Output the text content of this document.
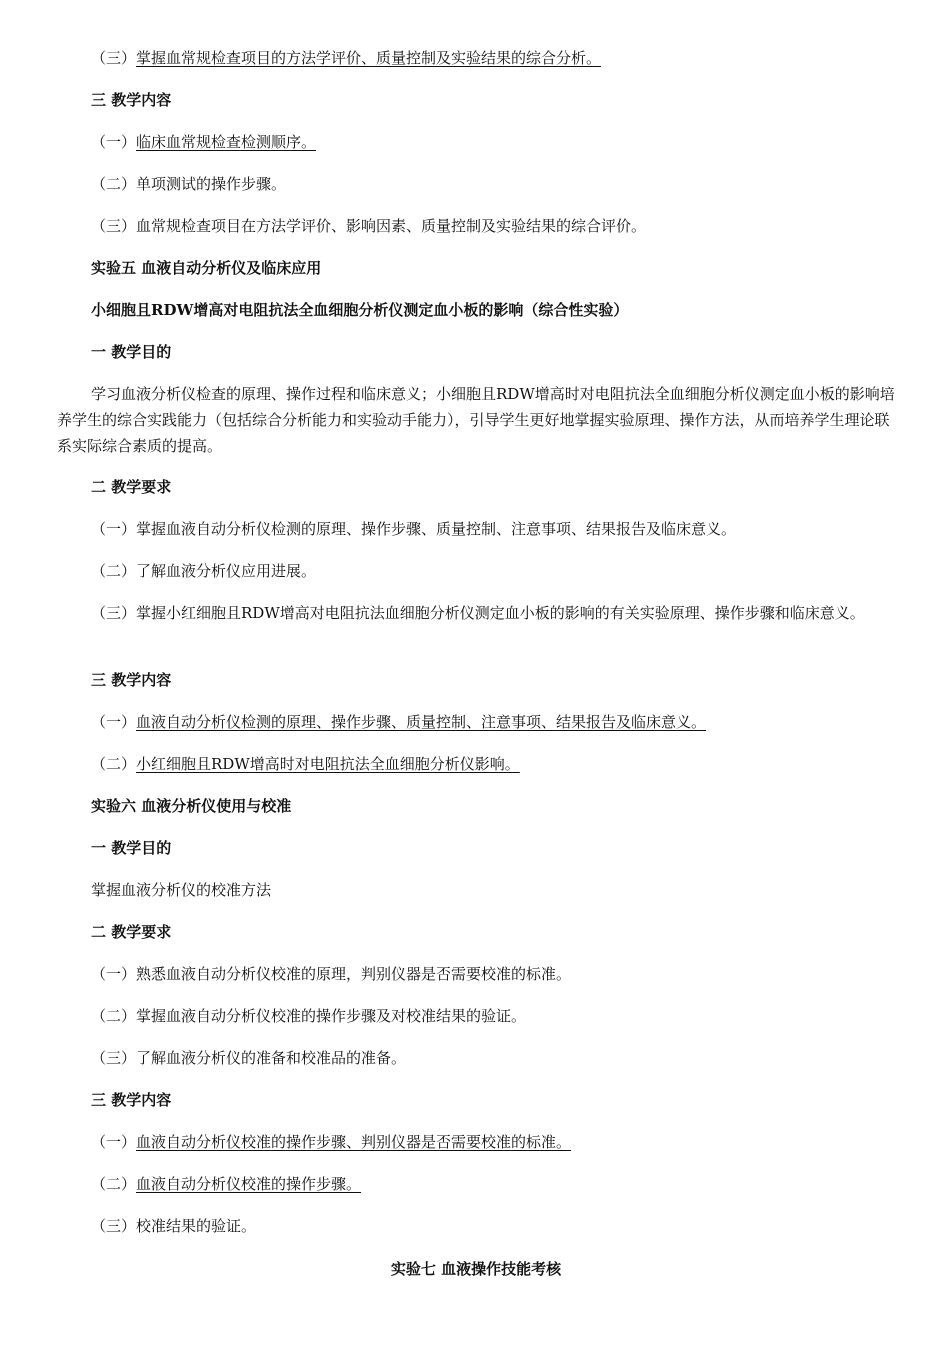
（三）掌握血常规检查项目的方法学评价、质量控制及实验结果的综合分析。
三 教学内容
（一）临床血常规检查检测顺序。
（二）单项测试的操作步骤。
（三）血常规检查项目在方法学评价、影响因素、质量控制及实验结果的综合评价。
实验五 血液自动分析仪及临床应用
小细胞且RDW增高对电阻抗法全血细胞分析仪测定血小板的影响（综合性实验）
一 教学目的
学习血液分析仪检查的原理、操作过程和临床意义；小细胞且RDW增高时对电阻抗法全血细胞分析仪测定血小板的影响培养学生的综合实践能力（包括综合分析能力和实验动手能力），引导学生更好地掌握实验原理、操作方法，从而培养学生理论联系实际综合素质的提高。
二 教学要求
（一）掌握血液自动分析仪检测的原理、操作步骤、质量控制、注意事项、结果报告及临床意义。
（二）了解血液分析仪应用进展。
（三）掌握小红细胞且RDW增高对电阻抗法血细胞分析仪测定血小板的影响的有关实验原理、操作步骤和临床意义。
三 教学内容
（一）血液自动分析仪检测的原理、操作步骤、质量控制、注意事项、结果报告及临床意义。
（二）小红细胞且RDW增高时对电阻抗法全血细胞分析仪影响。
实验六 血液分析仪使用与校准
一 教学目的
掌握血液分析仪的校准方法
二 教学要求
（一）熟悉血液自动分析仪校准的原理，判别仪器是否需要校准的标准。
（二）掌握血液自动分析仪校准的操作步骤及对校准结果的验证。
（三）了解血液分析仪的准备和校准品的准备。
三 教学内容
（一）血液自动分析仪校准的操作步骤、判别仪器是否需要校准的标准。
（二）血液自动分析仪校准的操作步骤。
（三）校准结果的验证。
实验七 血液操作技能考核
